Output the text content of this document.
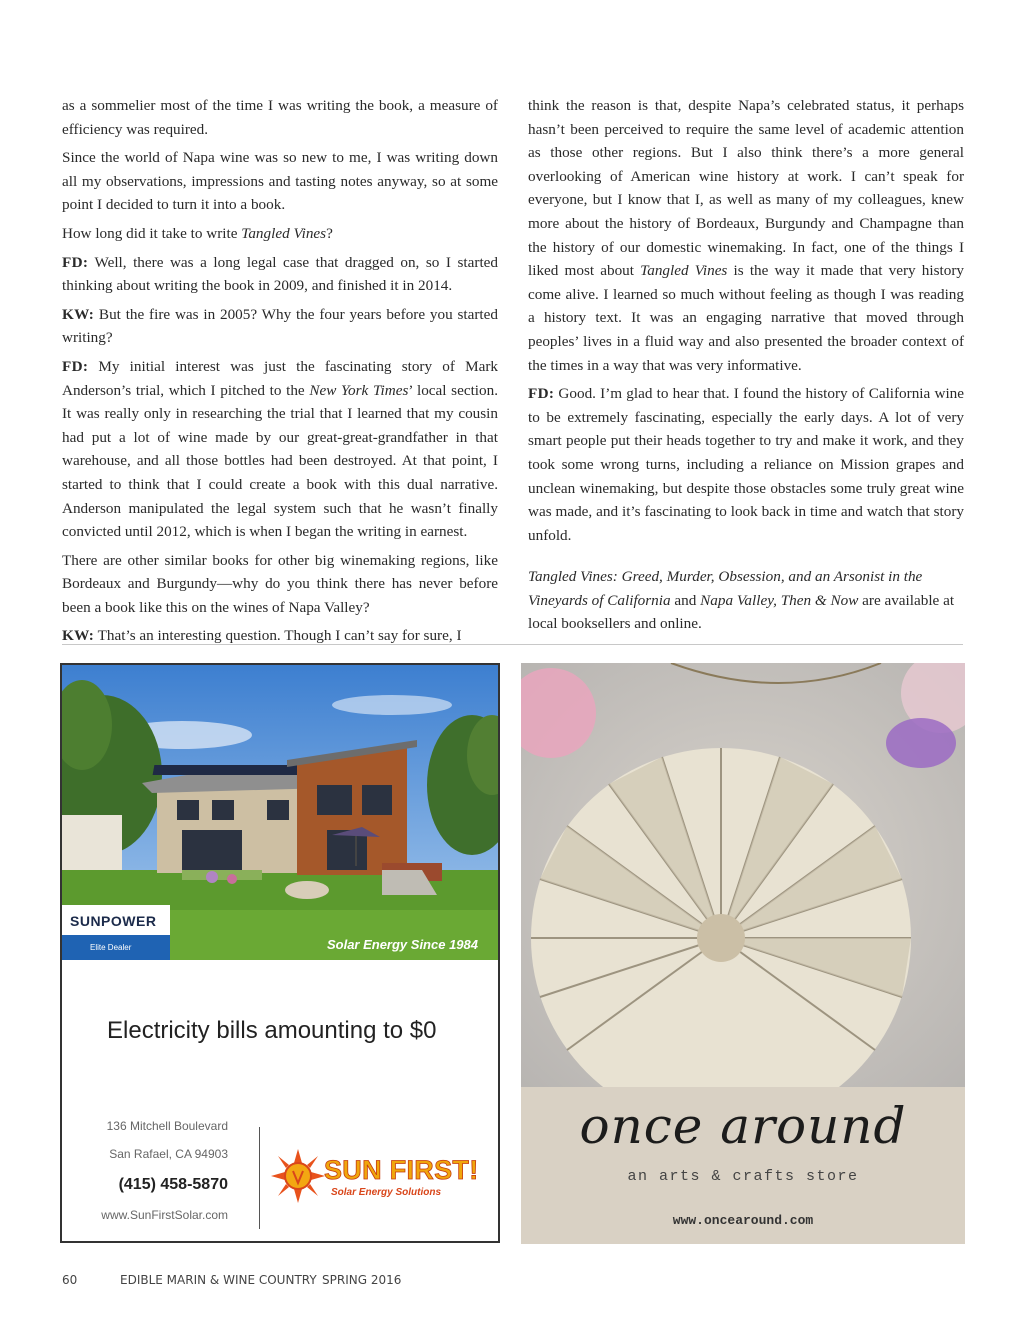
as a sommelier most of the time I was writing the book, a measure of efficiency was required.

Since the world of Napa wine was so new to me, I was writing down all my observations, impressions and tasting notes anyway, so at some point I decided to turn it into a book.

How long did it take to write Tangled Vines?

FD: Well, there was a long legal case that dragged on, so I started thinking about writing the book in 2009, and finished it in 2014.

KW: But the fire was in 2005? Why the four years before you started writing?

FD: My initial interest was just the fascinating story of Mark Anderson’s trial, which I pitched to the New York Times’ local section. It was really only in researching the trial that I learned that my cousin had put a lot of wine made by our great-great-grandfather in that warehouse, and all those bottles had been destroyed. At that point, I started to think that I could create a book with this dual narrative. Anderson manipulated the legal system such that he wasn’t finally convicted until 2012, which is when I began the writing in earnest.

There are other similar books for other big winemaking regions, like Bordeaux and Burgundy—why do you think there has never before been a book like this on the wines of Napa Valley?

KW: That’s an interesting question. Though I can’t say for sure, I

think the reason is that, despite Napa’s celebrated status, it perhaps hasn’t been perceived to require the same level of academic attention as those other regions. But I also think there’s a more general overlooking of American wine history at work. I can’t speak for everyone, but I know that I, as well as many of my colleagues, knew more about the history of Bordeaux, Burgundy and Champagne than the history of our domestic winemaking. In fact, one of the things I liked most about Tangled Vines is the way it made that very history come alive. I learned so much without feeling as though I was reading a history text. It was an engaging narrative that moved through peoples’ lives in a fluid way and also presented the broader context of the times in a way that was very informative.

FD: Good. I’m glad to hear that. I found the history of California wine to be extremely fascinating, especially the early days. A lot of very smart people put their heads together to try and make it work, and they took some wrong turns, including a reliance on Mission grapes and unclean winemaking, but despite those obstacles some truly great wine was made, and it’s fascinating to look back in time and watch that story unfold.

Tangled Vines: Greed, Murder, Obsession, and an Arsonist in the Vineyards of California and Napa Valley, Then & Now are available at local booksellers and online.

SUNPOWER
Elite Dealer	Solar Energy Since 1984
Electricity bills amounting to $0
136 Mitchell Boulevard
San Rafael, CA 94903
(415) 458-5870
www.SunFirstSolar.com
SUN FIRST!
Solar Energy Solutions
once around
an arts & crafts store
www.oncearound.com
60	EDIBLE MARIN & WINE COUNTRY SPRING 2016
